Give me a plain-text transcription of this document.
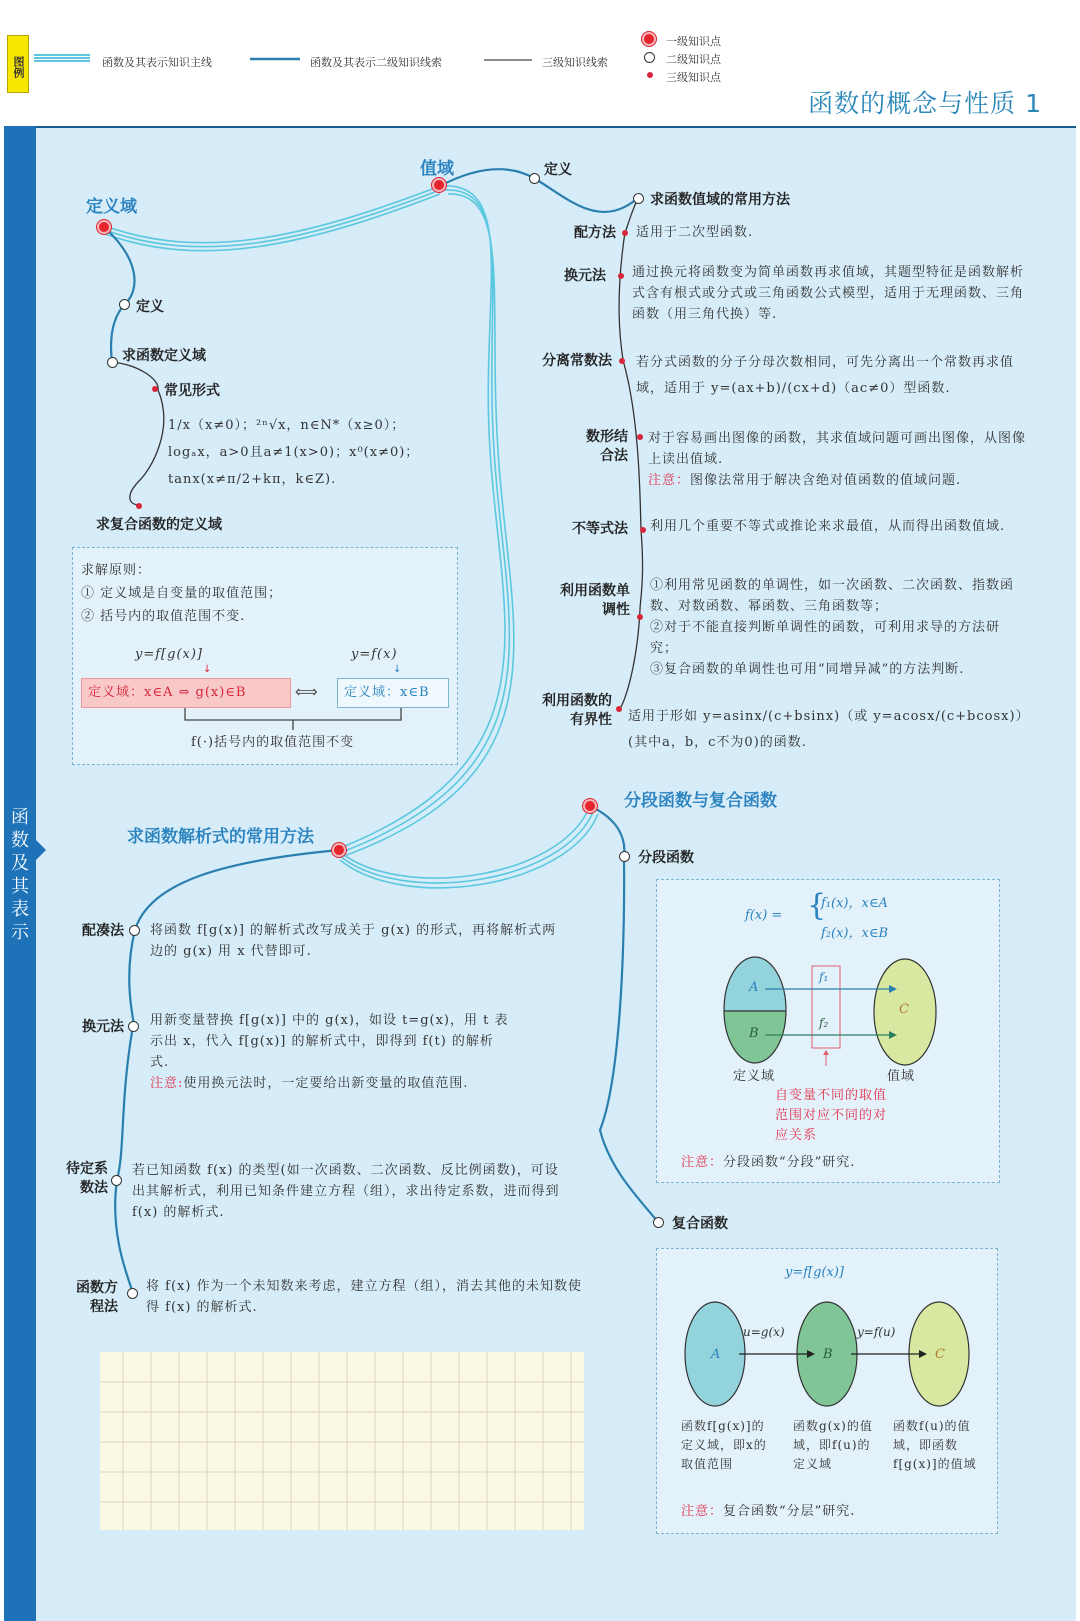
图例	函数及其表示知识主线	函数及其表示二级知识线索	三级知识线索
一级知识点
二级知识点
三级知识点
函数的概念与性质 1
函数及其表示
定义域
定义
求函数定义域
常见形式
1/x（x≠0）；²ⁿ√x，n∈N*（x≥0）；
logₐx，a>0且a≠1(x>0)；x⁰(x≠0)；
tanx(x≠π/2+kπ，k∈Z).
求复合函数的定义域
求解原则：
① 定义域是自变量的取值范围；
② 括号内的取值范围不变.
y=f[g(x)]	y=f(x)
↓	↓
定义域：x∈A ⇔ g(x)∈B	⟺	定义域：x∈B
f(·)括号内的取值范围不变
值域	定义
求函数值域的常用方法
配方法 适用于二次型函数.
换元法 通过换元将函数变为简单函数再求值域，其题型特征是函数解析式含有根式或分式或三角函数公式模型，适用于无理函数、三角函数（用三角代换）等.
分离常数法 若分式函数的分子分母次数相同，可先分离出一个常数再求值域，适用于 y=(ax+b)/(cx+d)（ac≠0）型函数.
数形结合法
对于容易画出图像的函数，其求值域问题可画出图像，从图像上读出值域.
注意：图像法常用于解决含绝对值函数的值域问题.
不等式法 利用几个重要不等式或推论来求最值，从而得出函数值域.
利用函数单调性
①利用常见函数的单调性，如一次函数、二次函数、指数函数、对数函数、幂函数、三角函数等；
②对于不能直接判断单调性的函数，可利用求导的方法研究；
③复合函数的单调性也可用“同增异减”的方法判断.
利用函数的有界性 适用于形如 y=asinx/(c+bsinx)（或 y=acosx/(c+bcosx)）(其中a，b，c不为0)的函数.
求函数解析式的常用方法
配凑法 将函数 f[g(x)] 的解析式改写成关于 g(x) 的形式，再将解析式两边的 g(x) 用 x 代替即可.
换元法 用新变量替换 f[g(x)] 中的 g(x)，如设 t=g(x)，用 t 表示出 x，代入 f[g(x)] 的解析式中，即得到 f(t) 的解析式.
注意:使用换元法时，一定要给出新变量的取值范围.
待定系数法
若已知函数 f(x) 的类型(如一次函数、二次函数、反比例函数)，可设出其解析式，利用已知条件建立方程（组），求出待定系数，进而得到 f(x) 的解析式.
函数方程法
将 f(x) 作为一个未知数来考虑，建立方程（组），消去其他的未知数使得 f(x) 的解析式.
分段函数与复合函数
分段函数
f(x) = {
f₁(x)，x∈A
f₂(x)，x∈B
A
B
C
f₁
f₂
定义域	值域
自变量不同的取值范围对应不同的对应关系
注意：分段函数“分段”研究.
复合函数
y=f[g(x)]
A	B	C
u=g(x)	y=f(u)
函数f[g(x)]的定义域，即x的取值范围
函数g(x)的值域，即f(u)的定义域
函数f(u)的值域，即函数f[g(x)]的值域
注意：复合函数“分层”研究.
